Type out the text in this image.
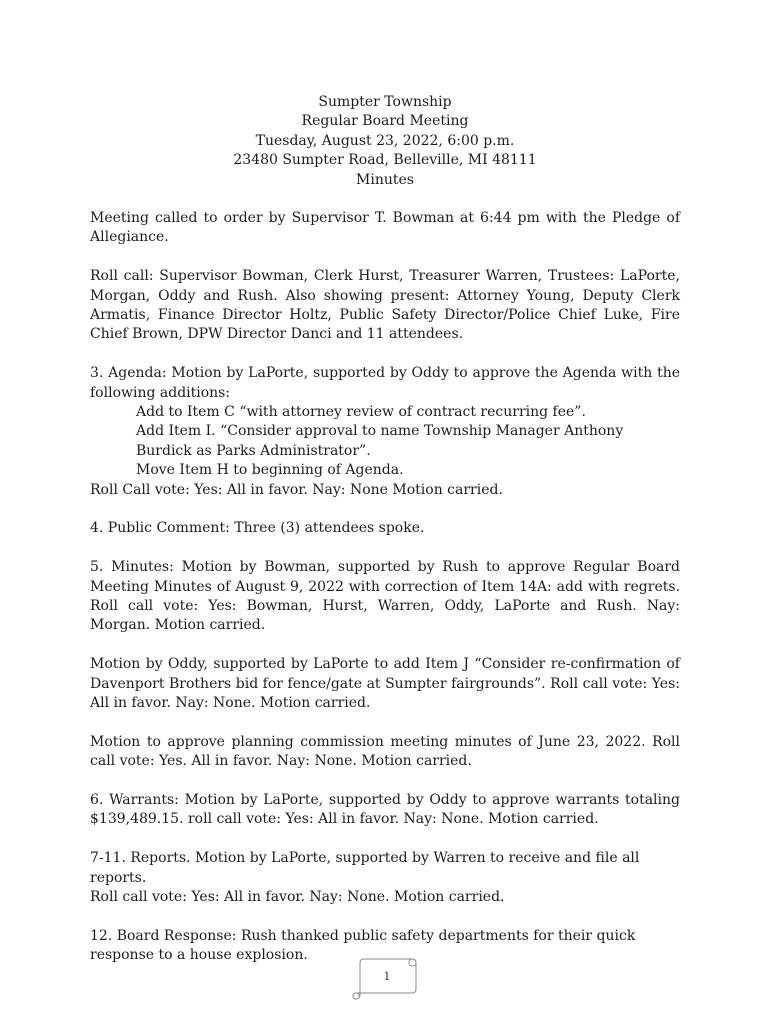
Sumpter Township
Regular Board Meeting
Tuesday, August 23, 2022, 6:00 p.m.
23480 Sumpter Road, Belleville, MI 48111
Minutes

Meeting called to order by Supervisor T. Bowman at 6:44 pm with the Pledge of Allegiance.

Roll call: Supervisor Bowman, Clerk Hurst, Treasurer Warren, Trustees: LaPorte, Morgan, Oddy and Rush. Also showing present: Attorney Young, Deputy Clerk Armatis, Finance Director Holtz, Public Safety Director/Police Chief Luke, Fire Chief Brown, DPW Director Danci and 11 attendees.

3. Agenda: Motion by LaPorte, supported by Oddy to approve the Agenda with the following additions:

Add to Item C “with attorney review of contract recurring fee”.
Add Item I. “Consider approval to name Township Manager Anthony Burdick as Parks Administrator”.
Move Item H to beginning of Agenda.
Roll Call vote: Yes: All in favor. Nay: None Motion carried.

4. Public Comment: Three (3) attendees spoke.

5. Minutes: Motion by Bowman, supported by Rush to approve Regular Board Meeting Minutes of August 9, 2022 with correction of Item 14A: add with regrets. Roll call vote: Yes: Bowman, Hurst, Warren, Oddy, LaPorte and Rush. Nay: Morgan. Motion carried.

Motion by Oddy, supported by LaPorte to add Item J “Consider re-confirmation of Davenport Brothers bid for fence/gate at Sumpter fairgrounds”. Roll call vote: Yes: All in favor. Nay: None. Motion carried.

Motion to approve planning commission meeting minutes of June 23, 2022. Roll call vote: Yes. All in favor. Nay: None. Motion carried.

6. Warrants: Motion by LaPorte, supported by Oddy to approve warrants totaling $139,489.15. roll call vote: Yes: All in favor. Nay: None. Motion carried.

7-11. Reports. Motion by LaPorte, supported by Warren to receive and file all reports.
Roll call vote: Yes: All in favor. Nay: None. Motion carried.

12. Board Response: Rush thanked public safety departments for their quick response to a house explosion.

1
